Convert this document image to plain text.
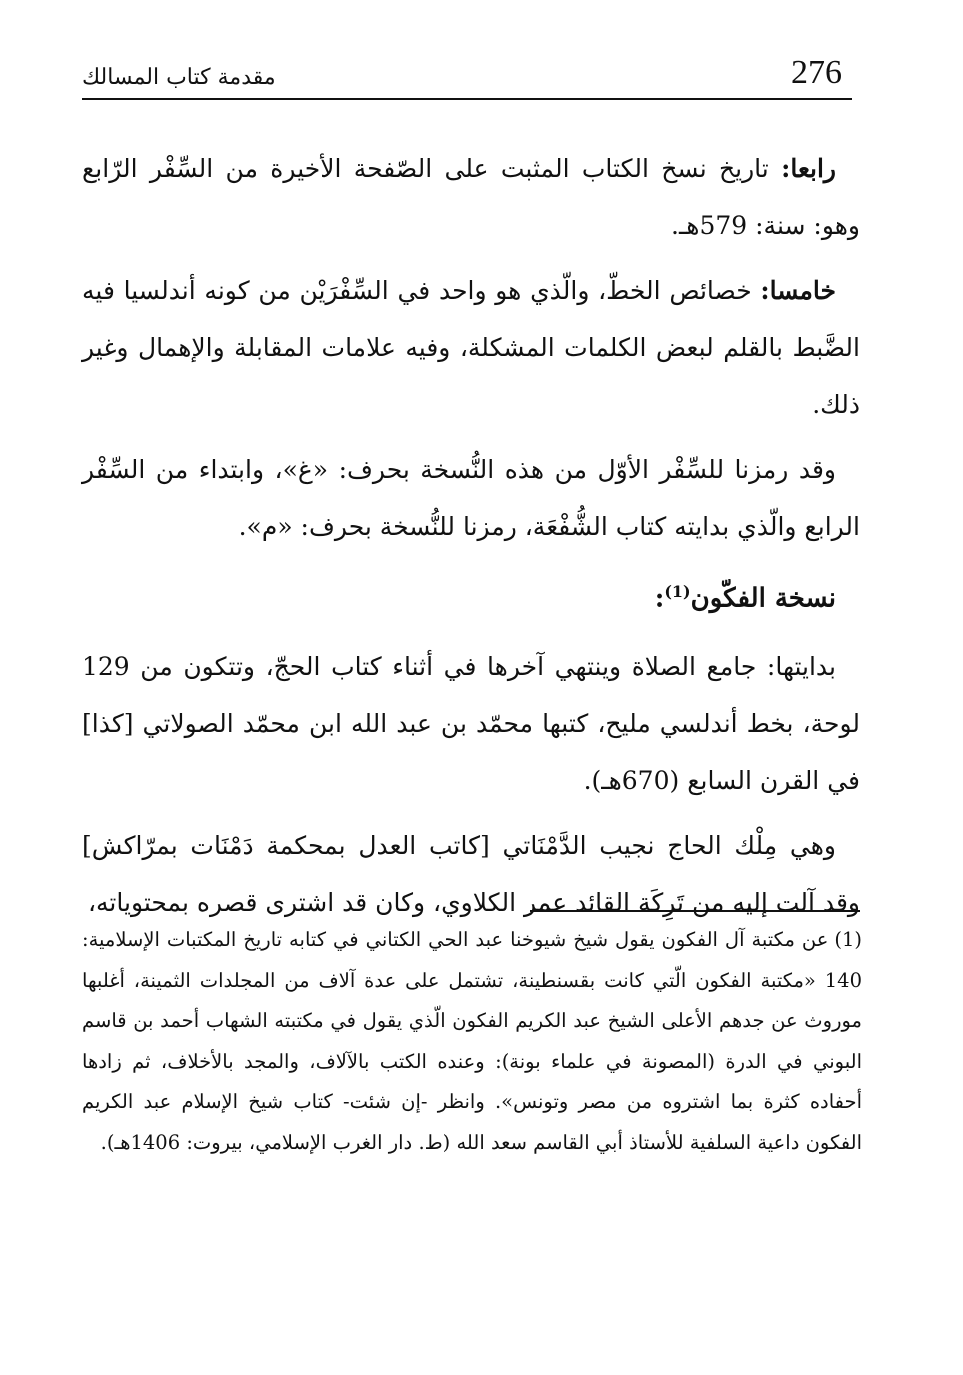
276
مقدمة كتاب المسالك

رابعا: تاريخ نسخ الكتاب المثبت على الصّفحة الأخيرة من السِّفْر الرّابع وهو: سنة: 579هـ.

خامسا: خصائص الخطّ، والّذي هو واحد في السِّفْرَيْن من كونه أندلسيا فيه الضَّبط بالقلم لبعض الكلمات المشكلة، وفيه علامات المقابلة والإهمال وغير ذلك.

وقد رمزنا للسِّفْر الأوّل من هذه النُّسخة بحرف: «غ»، وابتداء من السِّفْر الرابع والّذي بدايته كتاب الشُّفْعَة، رمزنا للنُّسخة بحرف: «م».

نسخة الفكّون$^{(1)}$:

بدايتها: جامع الصلاة وينتهي آخرها في أثناء كتاب الحجّ، وتتكون من 129 لوحة، بخط أندلسي مليح، كتبها محمّد بن عبد الله ابن محمّد الصولاتي [كذا] في القرن السابع (670هـ).

وهي مِلْك الحاج نجيب الدَّمْنَاتي [كاتب العدل بمحكمة دَمْنَات بمرّاكش] وقد آلت إليه من تَرِكَة القائد عمر الكلاوي، وكان قد اشترى قصره بمحتوياته،

(1)عن مكتبة آل الفكون يقول شيخ شيوخنا عبد الحي الكتاني في كتابه تاريخ المكتبات الإسلامية: 140 «مكتبة الفكون الّتي كانت بقسنطينة، تشتمل على عدة آلاف من المجلدات الثمينة، أغلبها موروث عن جدهم الأعلى الشيخ عبد الكريم الفكون الّذي يقول في مكتبته الشهاب أحمد بن قاسم البوني في الدرة (المصونة في علماء بونة): وعنده الكتب بالآلاف، والمجد بالأخلاف، ثم زادها أحفاده كثرة بما اشتروه من مصر وتونس». وانظر -إن شئت- كتاب شيخ الإسلام عبد الكريم الفكون داعية السلفية للأستاذ أبي القاسم سعد الله (ط. دار الغرب الإسلامي، بيروت: 1406هـ).
